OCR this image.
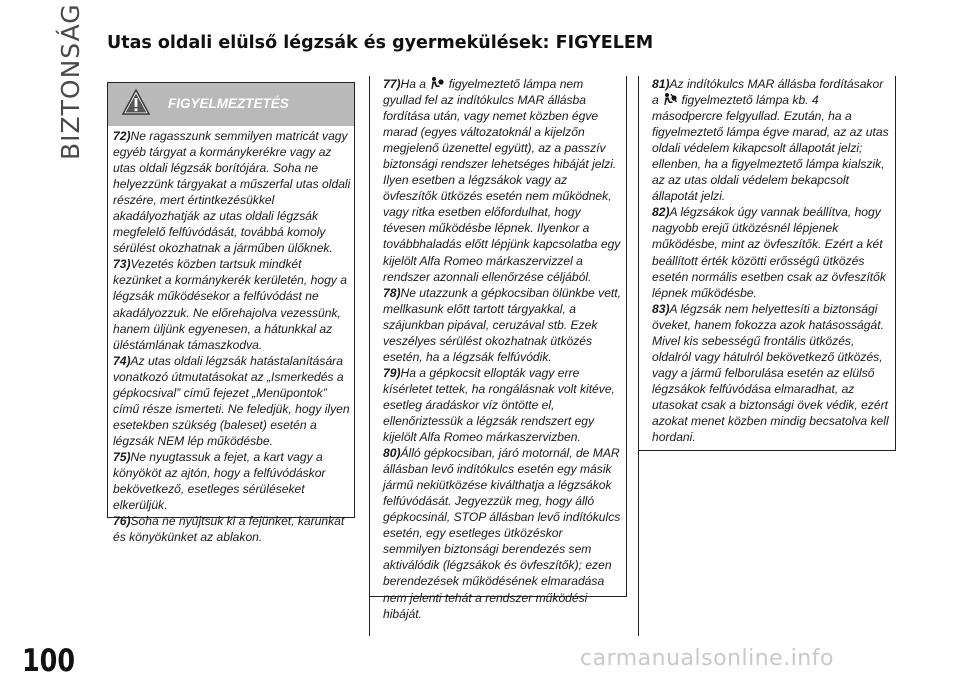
BIZTONSÁG
100
Utas oldali elülső légzsák és gyermekülések: FIGYELEM
FIGYELMEZTETÉS

72)Ne ragasszunk semmilyen matricát vagy egyéb tárgyat a kormánykerékre vagy az utas oldali légzsák borítójára. Soha ne helyezzünk tárgyakat a műszerfal utas oldali részére, mert értintkezésükkel akadályozhatják az utas oldali légzsák megfelelő felfúvódását, továbbá komoly sérülést okozhatnak a járműben ülőknek.

73)Vezetés közben tartsuk mindkét kezünket a kormánykerék kerületén, hogy a légzsák működésekor a felfúvódást ne akadályozzuk. Ne előrehajolva vezessünk, hanem üljünk egyenesen, a hátunkkal az üléstámlának támaszkodva.

74)Az utas oldali légzsák hatástalanítására vonatkozó útmutatásokat az „Ismerkedés a gépkocsival” című fejezet „Menüpontok” című része ismerteti. Ne feledjük, hogy ilyen esetekben szükség (baleset) esetén a légzsák NEM lép működésbe.

75)Ne nyugtassuk a fejet, a kart vagy a könyököt az ajtón, hogy a felfúvódáskor bekövetkező, esetleges sérüléseket elkerüljük.

76)Soha ne nyújtsuk ki a fejünket, karunkat és könyökünket az ablakon.

77)Ha a figyelmeztető lámpa nem gyullad fel az indítókulcs MAR állásba fordítása után, vagy nemet közben égve marad (egyes változatoknál a kijelzőn megjelenő üzenettel együtt), az a passzív biztonsági rendszer lehetséges hibáját jelzi. Ilyen esetben a légzsákok vagy az övfeszítők ütközés esetén nem működnek, vagy ritka esetben előfordulhat, hogy tévesen működésbe lépnek. Ilyenkor a továbbhaladás előtt lépjünk kapcsolatba egy kijelölt Alfa Romeo márkaszervizzel a rendszer azonnali ellenőrzése céljából.

78)Ne utazzunk a gépkocsiban ölünkbe vett, mellkasunk előtt tartott tárgyakkal, a szájunkban pipával, ceruzával stb. Ezek veszélyes sérülést okozhatnak ütközés esetén, ha a légzsák felfúvódik.

79)Ha a gépkocsit ellopták vagy erre kísérletet tettek, ha rongálásnak volt kitéve, esetleg áradáskor víz öntötte el, ellenőriztessük a légzsák rendszert egy kijelölt Alfa Romeo márkaszervizben.

80)Álló gépkocsiban, járó motornál, de MAR állásban levő indítókulcs esetén egy másik jármű nekiütközése kiválthatja a légzsákok felfúvódását. Jegyezzük meg, hogy álló gépkocsinál, STOP állásban levő indítókulcs esetén, egy esetleges ütközéskor semmilyen biztonsági berendezés sem aktiválódik (légzsákok és övfeszítők); ezen berendezések működésének elmaradása nem jelenti tehát a rendszer működési hibáját.

81)Az indítókulcs MAR állásba fordításakor a figyelmeztető lámpa kb. 4 másodpercre felgyullad. Ezután, ha a figyelmeztető lámpa égve marad, az az utas oldali védelem kikapcsolt állapotát jelzi; ellenben, ha a figyelmeztető lámpa kialszik, az az utas oldali védelem bekapcsolt állapotát jelzi.

82)A légzsákok úgy vannak beállítva, hogy nagyobb erejű ütközésnél lépjenek működésbe, mint az övfeszítők. Ezért a két beállított érték közötti erősségű ütközés esetén normális esetben csak az övfeszítők lépnek működésbe.

83)A légzsák nem helyettesíti a biztonsági öveket, hanem fokozza azok hatásosságát. Mivel kis sebességű frontális ütközés, oldalról vagy hátulról bekövetkező ütközés, vagy a jármű felborulása esetén az elülső légzsákok felfúvódása elmaradhat, az utasokat csak a biztonsági övek védik, ezért azokat menet közben mindig becsatolva kell hordani.

carmanualsonline.info
